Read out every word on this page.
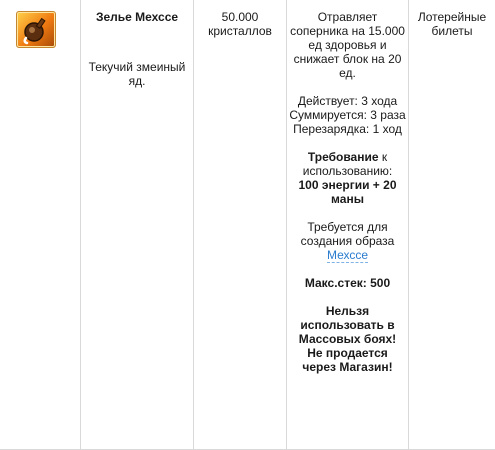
Зелье Мехссе
Текучий змеиный
яд.
50.000
кристаллов
Отравляет
соперника на 15.000
ед здоровья и
снижает блок на 20
ед.
Действует: 3 хода
Суммируется: 3 раза
Перезарядка: 1 ход
Требование к
использованию:
100 энергии + 20
маны
Требуется для
создания образа
Мехссе
Макс.стек: 500
Нельзя
использовать в
Массовых боях!
Не продается
через Магазин!
Лотерейные
билеты
